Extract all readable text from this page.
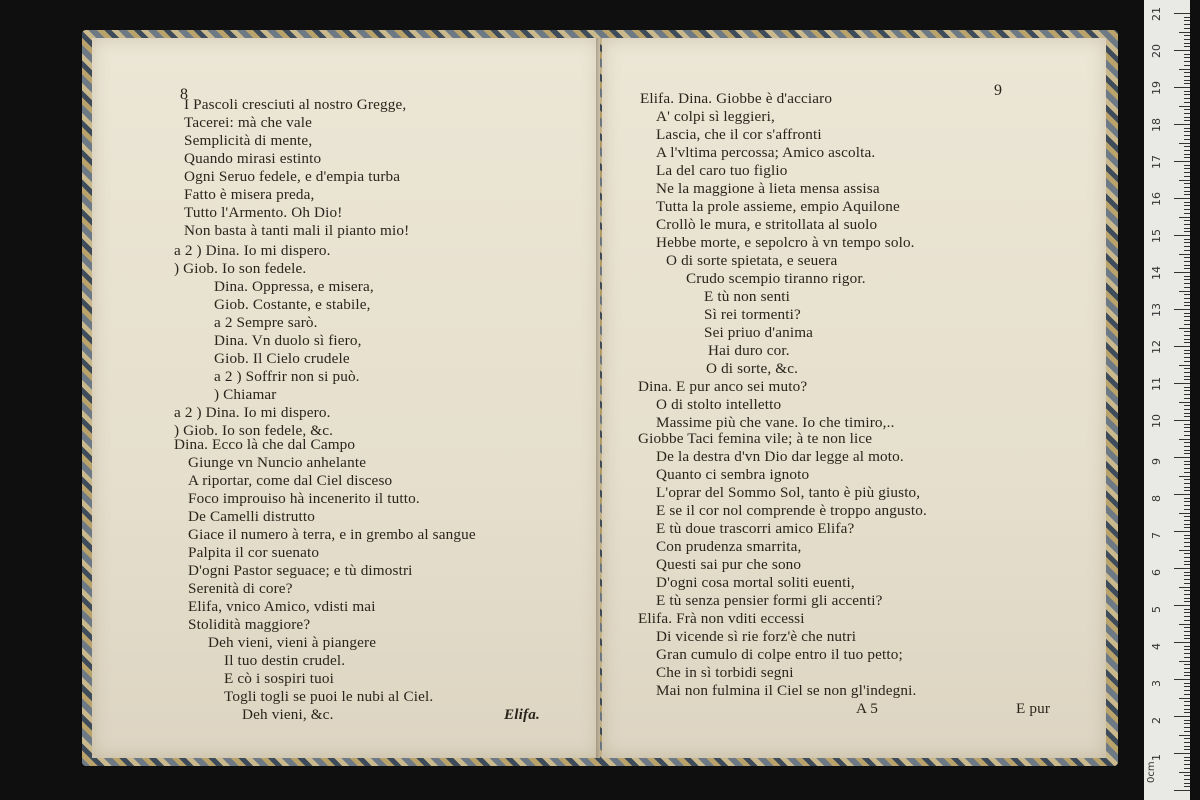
8
I Pascoli cresciuti al nostro Gregge,
Tacerei: mà che vale
Semplicità di mente,
Quando mirasi estinto
Ogni Seruo fedele, e d'empia turba
Fatto è misera preda,
Tutto l'Armento. Oh Dio!
Non basta à tanti mali il pianto mio!
a 2 ) Dina. Io mi dispero.
) Giob. Io son fedele.
Dina. Oppressa, e misera,
Giob. Costante, e stabile,
a 2 Sempre sarò.
Dina. Vn duolo sì fiero,
Giob. Il Cielo crudele
a 2 ) Soffrir non si può.
) Chiamar
a 2 ) Dina. Io mi dispero.
) Giob. Io son fedele, &c.
Dina. Ecco là che dal Campo
Giunge vn Nuncio anhelante
A riportar, come dal Ciel disceso
Foco improuiso hà incenerito il tutto.
De Camelli distrutto
Giace il numero à terra, e in grembo al sangue
Palpita il cor suenato
D'ogni Pastor seguace; e tù dimostri
Serenità di core?
Elifa, vnico Amico, vdisti mai
Stolidità maggiore?
Deh vieni, vieni à piangere
Il tuo destin crudel.
E cò i sospiri tuoi
Togli togli se puoi le nubi al Ciel.
Deh vieni, &c.	Elifa.
9
Elifa. Dina. Giobbe è d'acciaro
A' colpi sì leggieri,
Lascia, che il cor s'affronti
A l'vltima percossa; Amico ascolta.
La del caro tuo figlio
Ne la maggione à lieta mensa assisa
Tutta la prole assieme, empio Aquilone
Crollò le mura, e stritollata al suolo
Hebbe morte, e sepolcro à vn tempo solo.
O di sorte spietata, e seuera
Crudo scempio tiranno rigor.
E tù non senti
Sì rei tormenti?
Sei priuo d'anima
Hai duro cor.
O di sorte, &c.
Dina. E pur anco sei muto?
O di stolto intelletto
Massime più che vane. Io che timiro,..
Giobbe Taci femina vile; à te non lice
De la destra d'vn Dio dar legge al moto.
Quanto ci sembra ignoto
L'oprar del Sommo Sol, tanto è più giusto,
E se il cor nol comprende è troppo angusto.
E tù doue trascorri amico Elifa?
Con prudenza smarrita,
Questi sai pur che sono
D'ogni cosa mortal soliti euenti,
E tù senza pensier formi gli accenti?
Elifa. Frà non vditi eccessi
Di vicende sì rie forz'è che nutri
Gran cumulo di colpe entro il tuo petto;
Che in sì torbidi segni
Mai non fulmina il Ciel se non gl'indegni.
A 5	E pur
1
2
3
4
5
6
7
8
9
10
11
12
13
14
15
16
17
18
19
20
21
0cm
